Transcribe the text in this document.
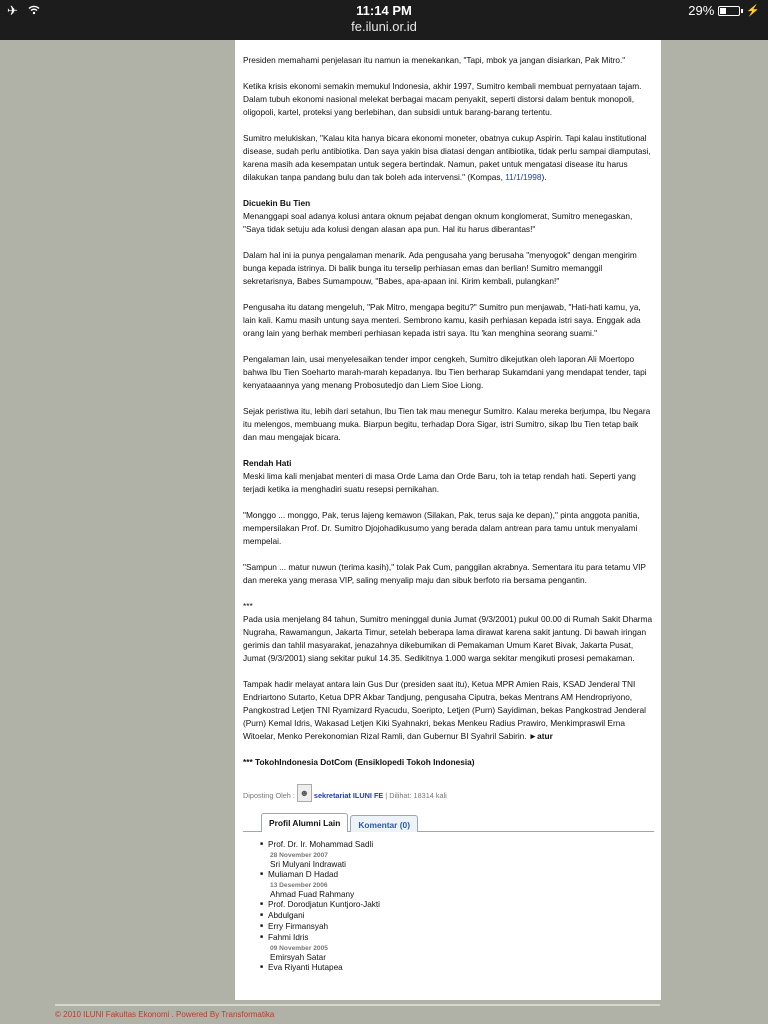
✈	11:14 PM
fe.iluni.or.id
29%	⚡

Presiden memahami penjelasan itu namun ia menekankan, "Tapi, mbok ya jangan disiarkan, Pak Mitro."

Ketika krisis ekonomi semakin memukul Indonesia, akhir 1997, Sumitro kembali membuat pernyataan tajam. Dalam tubuh ekonomi nasional melekat berbagai macam penyakit, seperti distorsi dalam bentuk monopoli, oligopoli, kartel, proteksi yang berlebihan, dan subsidi untuk barang-barang tertentu.

Sumitro melukiskan, "Kalau kita hanya bicara ekonomi moneter, obatnya cukup Aspirin. Tapi kalau institutional disease, sudah perlu antibiotika. Dan saya yakin bisa diatasi dengan antibiotika, tidak perlu sampai diamputasi, karena masih ada kesempatan untuk segera bertindak. Namun, paket untuk mengatasi disease itu harus dilakukan tanpa pandang bulu dan tak boleh ada intervensi." (Kompas, 11/1/1998).

Dicuekin Bu Tien

Menanggapi soal adanya kolusi antara oknum pejabat dengan oknum konglomerat, Sumitro menegaskan, "Saya tidak setuju ada kolusi dengan alasan apa pun. Hal itu harus diberantas!"

Dalam hal ini ia punya pengalaman menarik. Ada pengusaha yang berusaha "menyogok" dengan mengirim bunga kepada istrinya. Di balik bunga itu terselip perhiasan emas dan berlian! Sumitro memanggil sekretarisnya, Babes Sumampouw, "Babes, apa-apaan ini. Kirim kembali, pulangkan!"

Pengusaha itu datang mengeluh, "Pak Mitro, mengapa begitu?" Sumitro pun menjawab, "Hati-hati kamu, ya, lain kali. Kamu masih untung saya menteri. Sembrono kamu, kasih perhiasan kepada istri saya. Enggak ada orang lain yang berhak memberi perhiasan kepada istri saya. Itu 'kan menghina seorang suami."

Pengalaman lain, usai menyelesaikan tender impor cengkeh, Sumitro dikejutkan oleh laporan Ali Moertopo bahwa Ibu Tien Soeharto marah-marah kepadanya. Ibu Tien berharap Sukamdani yang mendapat tender, tapi kenyataaannya yang menang Probosutedjo dan Liem Sioe Liong.

Sejak peristiwa itu, lebih dari setahun, Ibu Tien tak mau menegur Sumitro. Kalau mereka berjumpa, Ibu Negara itu melengos, membuang muka. Biarpun begitu, terhadap Dora Sigar, istri Sumitro, sikap Ibu Tien tetap baik dan mau mengajak bicara.

Rendah Hati

Meski lima kali menjabat menteri di masa Orde Lama dan Orde Baru, toh ia tetap rendah hati. Seperti yang terjadi ketika ia menghadiri suatu resepsi pernikahan.

"Monggo ... monggo, Pak, terus lajeng kemawon (Silakan, Pak, terus saja ke depan)," pinta anggota panitia, mempersilakan Prof. Dr. Sumitro Djojohadikusumo yang berada dalam antrean para tamu untuk menyalami mempelai.

"Sampun ... matur nuwun (terima kasih)," tolak Pak Cum, panggilan akrabnya. Sementara itu para tetamu VIP dan mereka yang merasa VIP, saling menyalip maju dan sibuk berfoto ria bersama pengantin.

***

Pada usia menjelang 84 tahun, Sumitro meninggal dunia Jumat (9/3/2001) pukul 00.00 di Rumah Sakit Dharma Nugraha, Rawamangun, Jakarta Timur, setelah beberapa lama dirawat karena sakit jantung. Di bawah iringan gerimis dan tahlil masyarakat, jenazahnya dikebumikan di Pemakaman Umum Karet Bivak, Jakarta Pusat, Jumat (9/3/2001) siang sekitar pukul 14.35. Sedikitnya 1.000 warga sekitar mengikuti prosesi pemakaman.

Tampak hadir melayat antara lain Gus Dur (presiden saat itu), Ketua MPR Amien Rais, KSAD Jenderal TNI Endriartono Sutarto, Ketua DPR Akbar Tandjung, pengusaha Ciputra, bekas Mentrans AM Hendropriyono, Pangkostrad Letjen TNI Ryamizard Ryacudu, Soeripto, Letjen (Purn) Sayidiman, bekas Pangkostrad Jenderal (Purn) Kemal Idris, Wakasad Letjen Kiki Syahnakri, bekas Menkeu Radius Prawiro, Menkimpraswil Erna Witoelar, Menko Perekonomian Rizal Ramli, dan Gubernur BI Syahril Sabirin. ►atur

*** TokohIndonesia DotCom (Ensiklopedi Tokoh Indonesia)

Diposting Oleh : ☻ sekretariat ILUNI FE | Dilihat: 18314 kali
Profil Alumni Lain	Komentar (0)
■ Prof. Dr. Ir. Mohammad Sadli
28 November 2007
Sri Mulyani Indrawati
■ Muliaman D Hadad
13 Desember 2006
Ahmad Fuad Rahmany
■ Prof. Dorodjatun Kuntjoro-Jakti
■ Abdulgani
■ Erry Firmansyah
■ Fahmi Idris
09 November 2005
Emirsyah Satar
■ Eva Riyanti Hutapea
© 2010 ILUNI Fakultas Ekonomi . Powered By Transformatika
